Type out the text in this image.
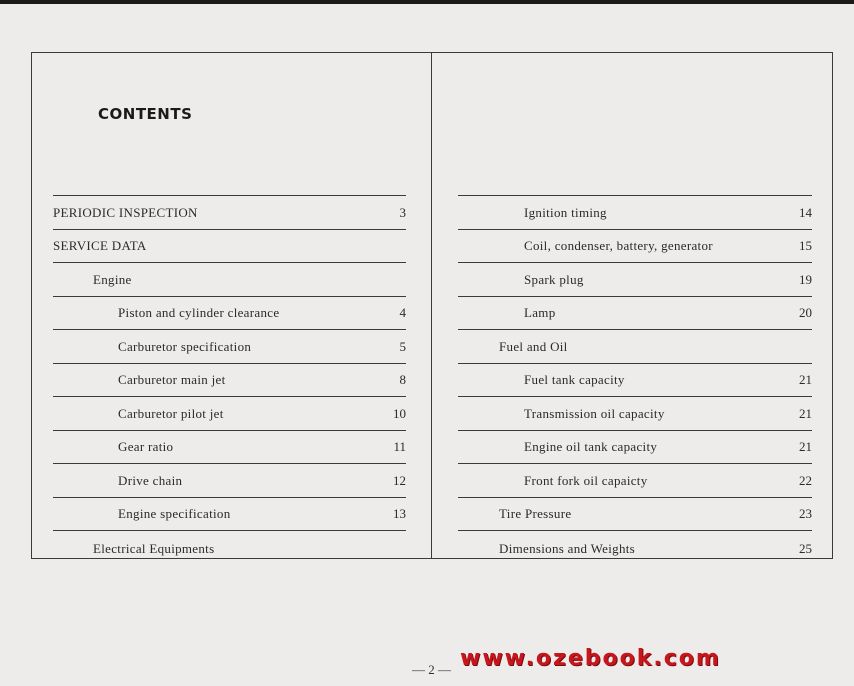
CONTENTS
PERIODIC INSPECTION	3
SERVICE DATA
Engine
Piston and cylinder clearance	4
Carburetor specification	5
Carburetor main jet	8
Carburetor pilot jet	10
Gear ratio	11
Drive chain	12
Engine specification	13
Electrical Equipments
Ignition timing	14
Coil, condenser, battery, generator	15
Spark plug	19
Lamp	20
Fuel and Oil
Fuel tank capacity	21
Transmission oil capacity	21
Engine oil tank capacity	21
Front fork oil capaicty	22
Tire Pressure	23
Dimensions and Weights	25
— 2 — www.ozebook.com
